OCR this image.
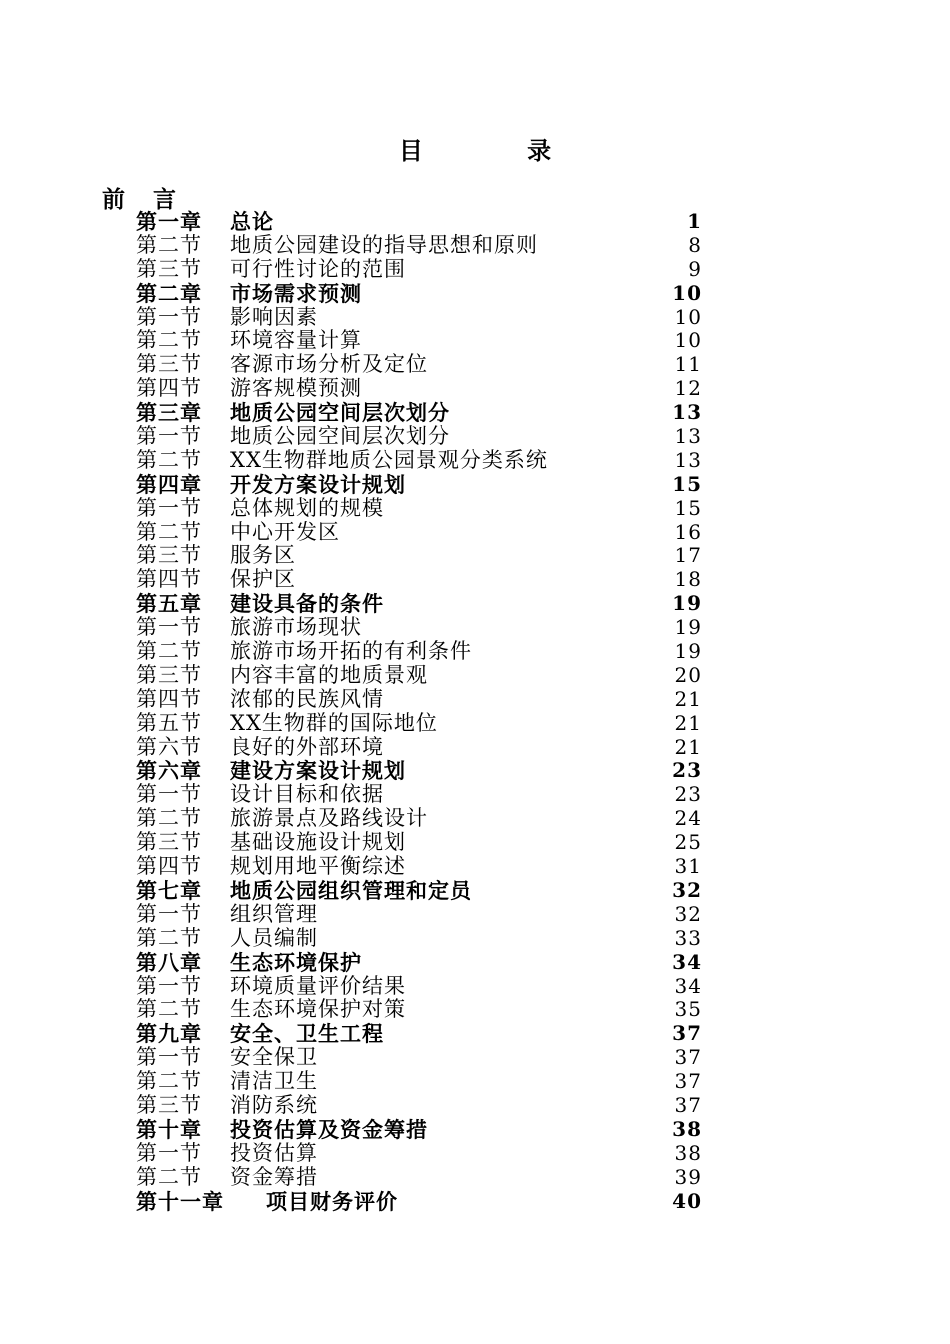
目 录
前 言
第一章 总论	1
第二节 地质公园建设的指导思想和原则	8
第三节 可行性讨论的范围	9
第二章 市场需求预测	10
第一节 影响因素	10
第二节 环境容量计算	10
第三节 客源市场分析及定位	11
第四节 游客规模预测	12
第三章 地质公园空间层次划分	13
第一节 地质公园空间层次划分	13
第二节 XX生物群地质公园景观分类系统	13
第四章 开发方案设计规划	15
第一节 总体规划的规模	15
第二节 中心开发区	16
第三节 服务区	17
第四节 保护区	18
第五章 建设具备的条件	19
第一节 旅游市场现状	19
第二节 旅游市场开拓的有利条件	19
第三节 内容丰富的地质景观	20
第四节 浓郁的民族风情	21
第五节 XX生物群的国际地位	21
第六节 良好的外部环境	21
第六章 建设方案设计规划	23
第一节 设计目标和依据	23
第二节 旅游景点及路线设计	24
第三节 基础设施设计规划	25
第四节 规划用地平衡综述	31
第七章 地质公园组织管理和定员	32
第一节 组织管理	32
第二节 人员编制	33
第八章 生态环境保护	34
第一节 环境质量评价结果	34
第二节 生态环境保护对策	35
第九章 安全、卫生工程	37
第一节 安全保卫	37
第二节 清洁卫生	37
第三节 消防系统	37
第十章 投资估算及资金筹措	38
第一节 投资估算	38
第二节 资金筹措	39
第十一章 项目财务评价	40
